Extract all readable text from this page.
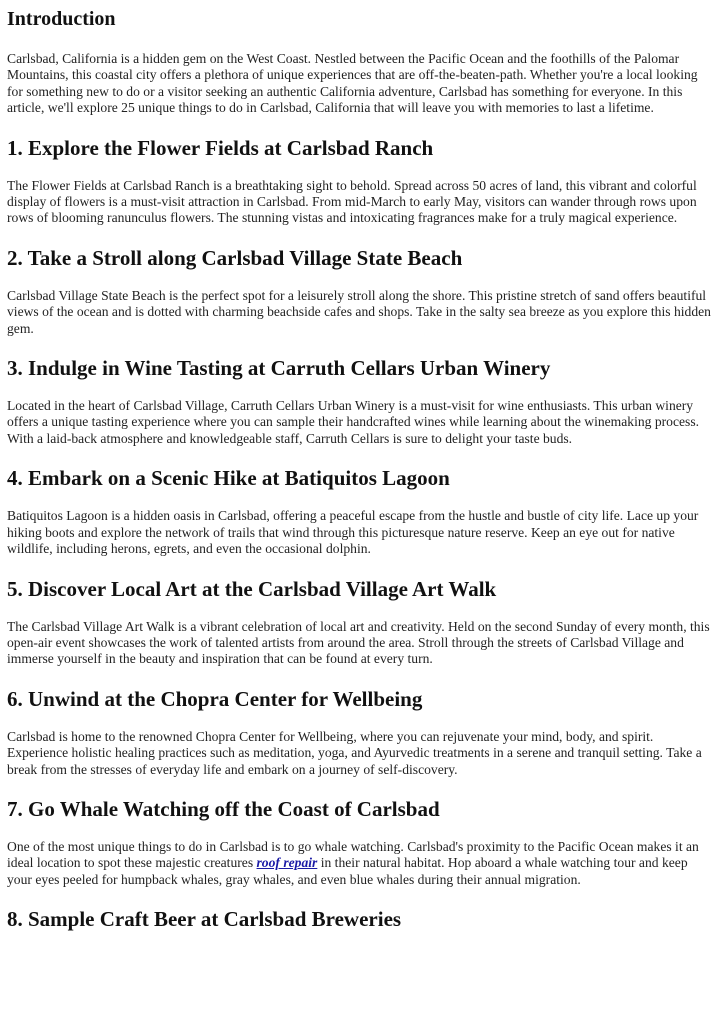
Introduction

Carlsbad, California is a hidden gem on the West Coast. Nestled between the Pacific Ocean and the foothills of the Palomar Mountains, this coastal city offers a plethora of unique experiences that are off-the-beaten-path. Whether you're a local looking for something new to do or a visitor seeking an authentic California adventure, Carlsbad has something for everyone. In this article, we'll explore 25 unique things to do in Carlsbad, California that will leave you with memories to last a lifetime.

1. Explore the Flower Fields at Carlsbad Ranch

The Flower Fields at Carlsbad Ranch is a breathtaking sight to behold. Spread across 50 acres of land, this vibrant and colorful display of flowers is a must-visit attraction in Carlsbad. From mid-March to early May, visitors can wander through rows upon rows of blooming ranunculus flowers. The stunning vistas and intoxicating fragrances make for a truly magical experience.

2. Take a Stroll along Carlsbad Village State Beach

Carlsbad Village State Beach is the perfect spot for a leisurely stroll along the shore. This pristine stretch of sand offers beautiful views of the ocean and is dotted with charming beachside cafes and shops. Take in the salty sea breeze as you explore this hidden gem.

3. Indulge in Wine Tasting at Carruth Cellars Urban Winery

Located in the heart of Carlsbad Village, Carruth Cellars Urban Winery is a must-visit for wine enthusiasts. This urban winery offers a unique tasting experience where you can sample their handcrafted wines while learning about the winemaking process. With a laid-back atmosphere and knowledgeable staff, Carruth Cellars is sure to delight your taste buds.

4. Embark on a Scenic Hike at Batiquitos Lagoon

Batiquitos Lagoon is a hidden oasis in Carlsbad, offering a peaceful escape from the hustle and bustle of city life. Lace up your hiking boots and explore the network of trails that wind through this picturesque nature reserve. Keep an eye out for native wildlife, including herons, egrets, and even the occasional dolphin.

5. Discover Local Art at the Carlsbad Village Art Walk

The Carlsbad Village Art Walk is a vibrant celebration of local art and creativity. Held on the second Sunday of every month, this open-air event showcases the work of talented artists from around the area. Stroll through the streets of Carlsbad Village and immerse yourself in the beauty and inspiration that can be found at every turn.

6. Unwind at the Chopra Center for Wellbeing

Carlsbad is home to the renowned Chopra Center for Wellbeing, where you can rejuvenate your mind, body, and spirit. Experience holistic healing practices such as meditation, yoga, and Ayurvedic treatments in a serene and tranquil setting. Take a break from the stresses of everyday life and embark on a journey of self-discovery.

7. Go Whale Watching off the Coast of Carlsbad

One of the most unique things to do in Carlsbad is to go whale watching. Carlsbad's proximity to the Pacific Ocean makes it an ideal location to spot these majestic creatures roof repair in their natural habitat. Hop aboard a whale watching tour and keep your eyes peeled for humpback whales, gray whales, and even blue whales during their annual migration.

8. Sample Craft Beer at Carlsbad Breweries
